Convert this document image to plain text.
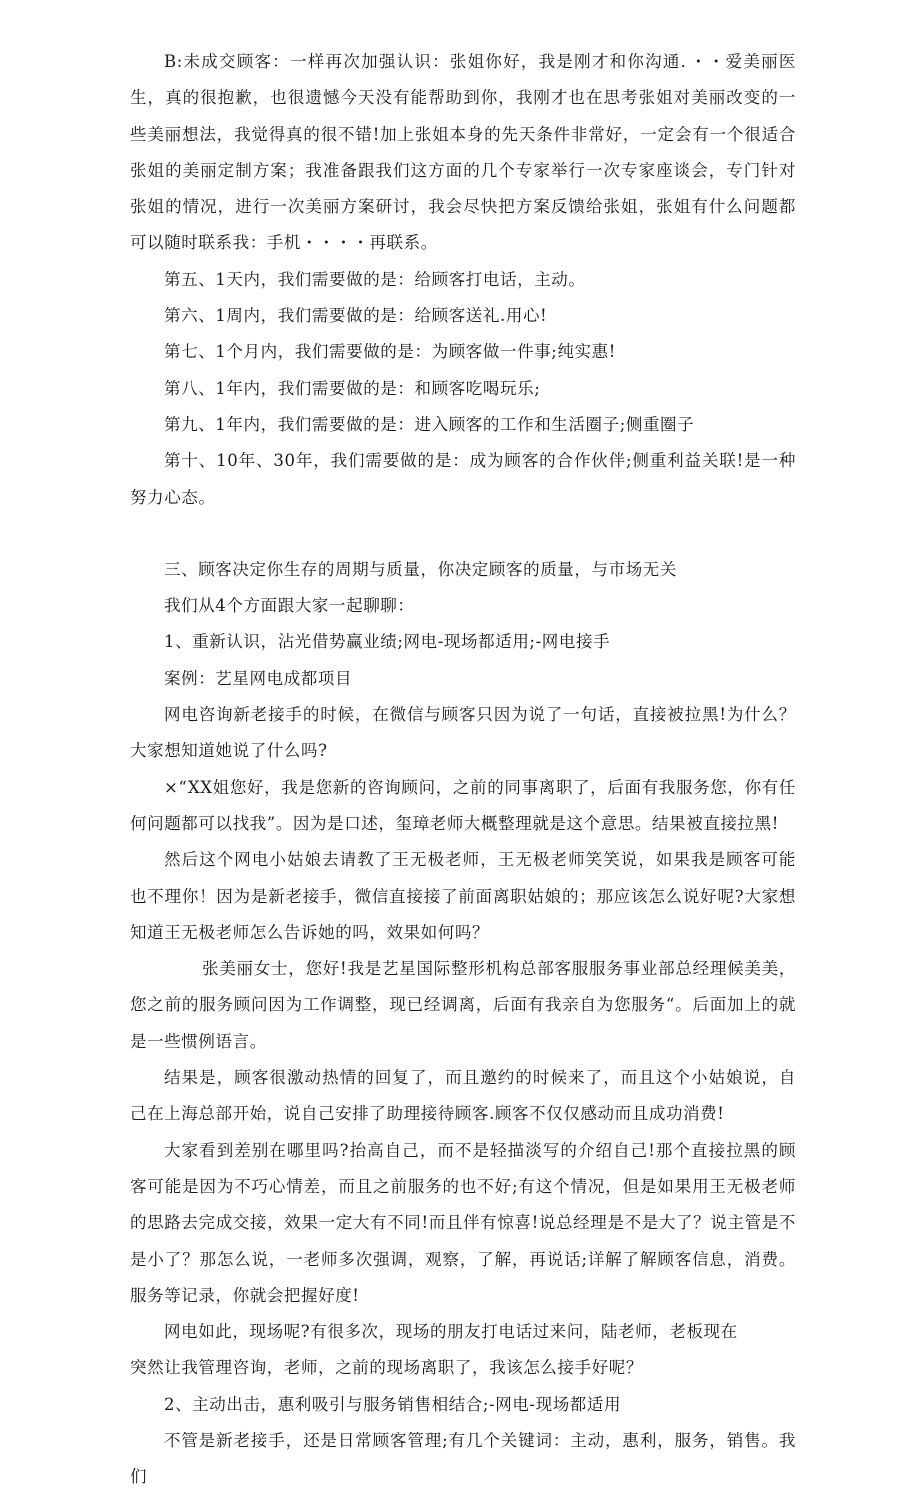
B:未成交顾客：一样再次加强认识：张姐你好，我是刚才和你沟通．・・爱美丽医生，真的很抱歉，也很遗憾今天没有能帮助到你，我刚才也在思考张姐对美丽改变的一些美丽想法，我觉得真的很不错!加上张姐本身的先天条件非常好，一定会有一个很适合张姐的美丽定制方案；我准备跟我们这方面的几个专家举行一次专家座谈会，专门针对张姐的情况，进行一次美丽方案研讨，我会尽快把方案反馈给张姐，张姐有什么问题都可以随时联系我：手机・・・・再联系。

第五、1天内，我们需要做的是：给顾客打电话，主动。

第六、1周内，我们需要做的是：给顾客送礼.用心!

第七、1个月内，我们需要做的是：为顾客做一件事;纯实惠!

第八、1年内，我们需要做的是：和顾客吃喝玩乐;

第九、1年内，我们需要做的是：进入顾客的工作和生活圈子;侧重圈子

第十、10年、30年，我们需要做的是：成为顾客的合作伙伴;侧重利益关联!是一种努力心态。

三、顾客决定你生存的周期与质量，你决定顾客的质量，与市场无关

我们从4个方面跟大家一起聊聊：

1、重新认识，沾光借势赢业绩;网电-现场都适用;-网电接手

案例：艺星网电成都项目

网电咨询新老接手的时候，在微信与顾客只因为说了一句话，直接被拉黑!为什么？大家想知道她说了什么吗?

×“XX姐您好，我是您新的咨询顾问，之前的同事离职了，后面有我服务您，你有任何问题都可以找我”。因为是口述，玺璋老师大概整理就是这个意思。结果被直接拉黑!

然后这个网电小姑娘去请教了王无极老师，王无极老师笑笑说，如果我是顾客可能也不理你！因为是新老接手，微信直接接了前面离职姑娘的；那应该怎么说好呢?大家想知道王无极老师怎么告诉她的吗，效果如何吗？

张美丽女士，您好!我是艺星国际整形机构总部客服服务事业部总经理候美美，您之前的服务顾问因为工作调整，现已经调离，后面有我亲自为您服务“。后面加上的就是一些惯例语言。

结果是，顾客很激动热情的回复了，而且邀约的时候来了，而且这个小姑娘说，自己在上海总部开始，说自己安排了助理接待顾客.顾客不仅仅感动而且成功消费!

大家看到差别在哪里吗?抬高自己，而不是轻描淡写的介绍自己!那个直接拉黑的顾客可能是因为不巧心情差，而且之前服务的也不好;有这个情况，但是如果用王无极老师的思路去完成交接，效果一定大有不同!而且伴有惊喜!说总经理是不是大了？说主管是不是小了？那怎么说，一老师多次强调，观察，了解，再说话;详解了解顾客信息，消费。服务等记录，你就会把握好度!

网电如此，现场呢?有很多次，现场的朋友打电话过来问，陆老师，老板现在

突然让我管理咨询，老师，之前的现场离职了，我该怎么接手好呢？

2、主动出击，惠利吸引与服务销售相结合;-网电-现场都适用

不管是新老接手，还是日常顾客管理;有几个关键词：主动，惠利，服务，销售。我们
